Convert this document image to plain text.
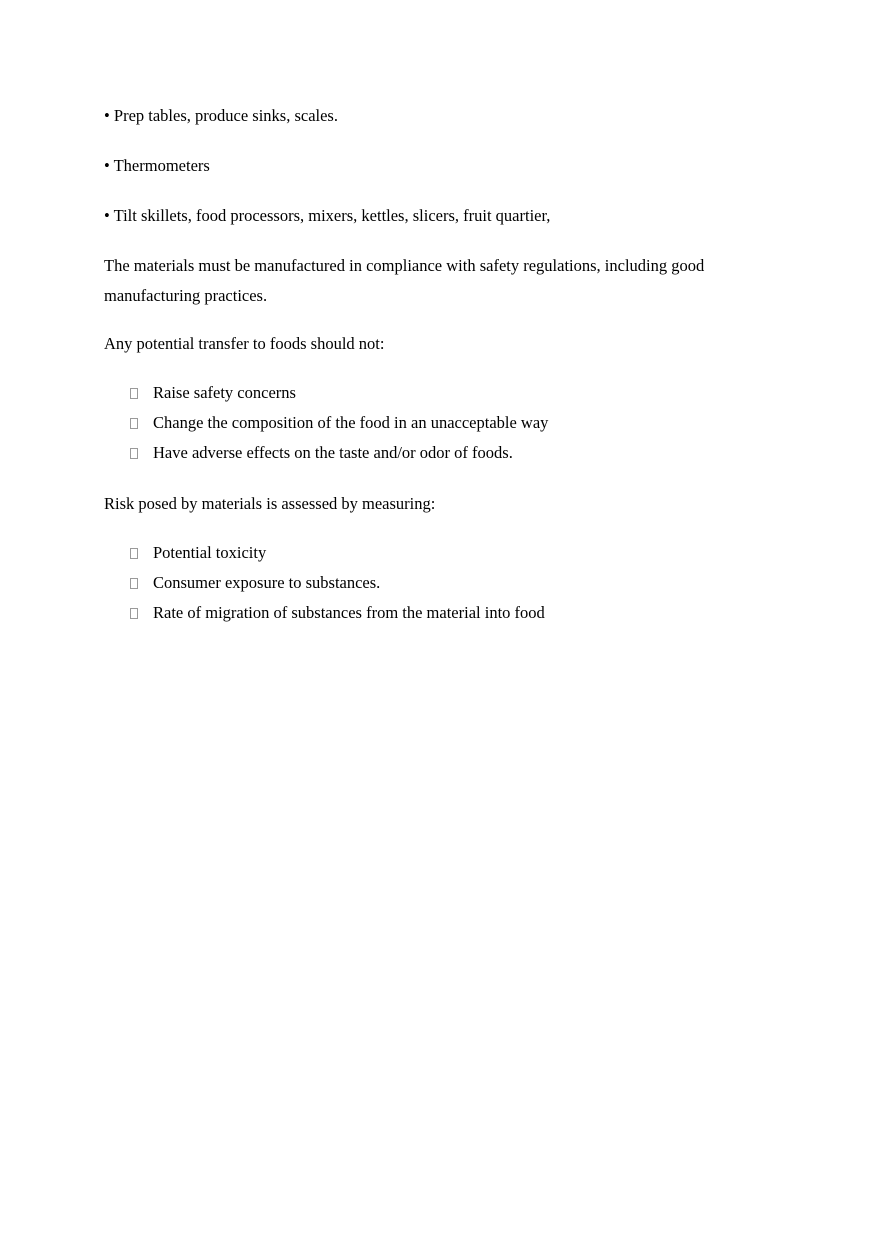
• Prep tables, produce sinks, scales.
• Thermometers
• Tilt skillets, food processors, mixers, kettles, slicers, fruit quartier,
The materials must be manufactured in compliance with safety regulations, including good manufacturing practices.
Any potential transfer to foods should not:
Raise safety concerns
Change the composition of the food in an unacceptable way
Have adverse effects on the taste and/or odor of foods.
Risk posed by materials is assessed by measuring:
Potential toxicity
Consumer exposure to substances.
Rate of migration of substances from the material into food
